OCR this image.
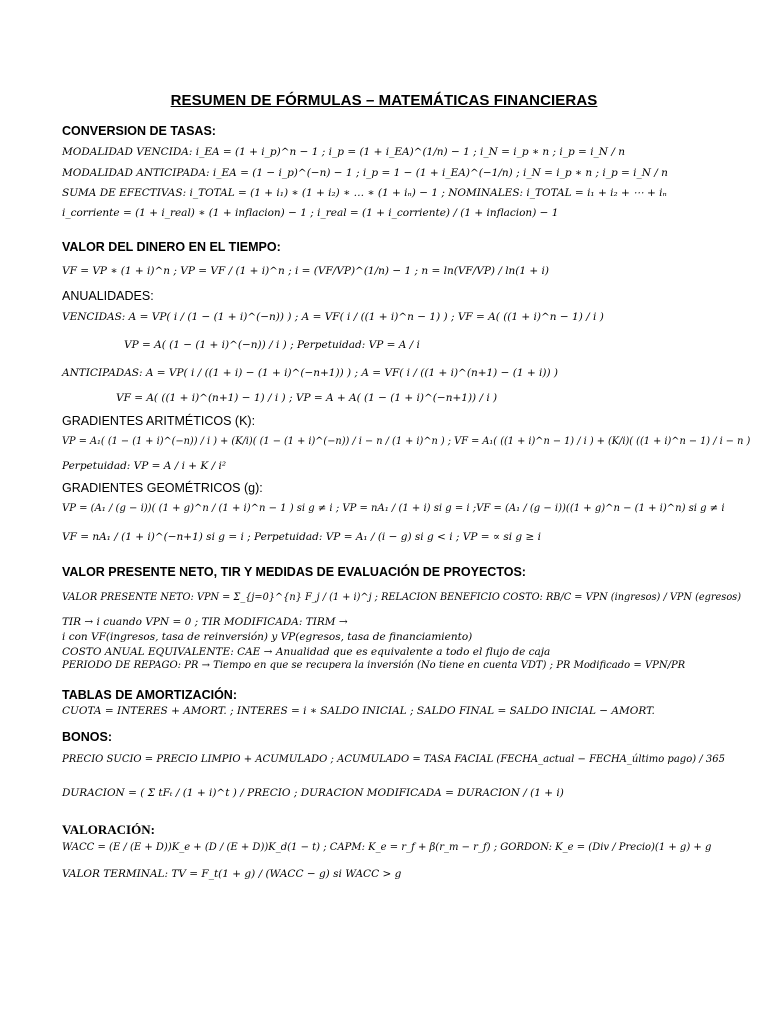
RESUMEN DE FÓRMULAS – MATEMÁTICAS FINANCIERAS
CONVERSION DE TASAS:
MODALIDAD VENCIDA: i_EA = (1 + i_p)^n − 1 ; i_p = (1 + i_EA)^(1/n) − 1 ; i_N = i_p ∗ n ; i_p = i_N / n
MODALIDAD ANTICIPADA: i_EA = (1 − i_p)^(−n) − 1 ; i_p = 1 − (1 + i_EA)^(−1/n) ; i_N = i_p ∗ n ; i_p = i_N / n
SUMA DE EFECTIVAS: i_TOTAL = (1 + i₁) ∗ (1 + i₂) ∗ … ∗ (1 + iₙ) − 1 ; NOMINALES: i_TOTAL = i₁ + i₂ + ⋯ + iₙ
i_corriente = (1 + i_real) ∗ (1 + inflacion) − 1 ; i_real = (1 + i_corriente) / (1 + inflacion) − 1
VALOR DEL DINERO EN EL TIEMPO:
VF = VP ∗ (1 + i)^n ; VP = VF / (1 + i)^n ; i = (VF/VP)^(1/n) − 1 ; n = ln(VF/VP) / ln(1 + i)
ANUALIDADES:
VENCIDAS: A = VP( i / (1 − (1 + i)^(−n)) ) ; A = VF( i / ((1 + i)^n − 1) ) ; VF = A( ((1 + i)^n − 1) / i )
VP = A( (1 − (1 + i)^(−n)) / i ) ; Perpetuidad: VP = A / i
ANTICIPADAS: A = VP( i / ((1 + i) − (1 + i)^(−n+1)) ) ; A = VF( i / ((1 + i)^(n+1) − (1 + i)) )
VF = A( ((1 + i)^(n+1) − 1) / i ) ; VP = A + A( (1 − (1 + i)^(−n+1)) / i )
GRADIENTES ARITMÉTICOS (K):
VP = A₁( (1 − (1 + i)^(−n)) / i ) + (K/i)( (1 − (1 + i)^(−n)) / i − n / (1 + i)^n ) ; VF = A₁( ((1 + i)^n − 1) / i ) + (K/i)( ((1 + i)^n − 1) / i − n )
Perpetuidad: VP = A / i + K / i²
GRADIENTES GEOMÉTRICOS (g):
VP = (A₁ / (g − i))( (1 + g)^n / (1 + i)^n − 1 ) si g ≠ i ; VP = nA₁ / (1 + i) si g = i ;VF = (A₁ / (g − i))((1 + g)^n − (1 + i)^n) si g ≠ i
VF = nA₁ / (1 + i)^(−n+1) si g = i ; Perpetuidad: VP = A₁ / (i − g) si g < i ; VP = ∝ si g ≥ i
VALOR PRESENTE NETO, TIR Y MEDIDAS DE EVALUACIÓN DE PROYECTOS:
VALOR PRESENTE NETO: VPN = Σ_{j=0}^{n} F_j / (1 + i)^j ; RELACION BENEFICIO COSTO: RB/C = VPN (ingresos) / VPN (egresos)
TIR → i cuando VPN = 0 ; TIR MODIFICADA: TIRM →
i con VF(ingresos, tasa de reinversión) y VP(egresos, tasa de financiamiento)
COSTO ANUAL EQUIVALENTE: CAE → Anualidad que es equivalente a todo el flujo de caja
PERIODO DE REPAGO: PR → Tiempo en que se recupera la inversión (No tiene en cuenta VDT) ; PR Modificado = VPN/PR
TABLAS DE AMORTIZACIÓN:
CUOTA = INTERES + AMORT. ; INTERES = i ∗ SALDO INICIAL ; SALDO FINAL = SALDO INICIAL − AMORT.
BONOS:
PRECIO SUCIO = PRECIO LIMPIO + ACUMULADO ; ACUMULADO = TASA FACIAL (FECHA_actual − FECHA_último pago) / 365
DURACION = ( Σ tFₜ / (1 + i)^t ) / PRECIO ; DURACION MODIFICADA = DURACION / (1 + i)
VALORACIÓN:
WACC = (E / (E + D))K_e + (D / (E + D))K_d(1 − t) ; CAPM: K_e = r_f + β(r_m − r_f) ; GORDON: K_e = (Div / Precio)(1 + g) + g
VALOR TERMINAL: TV = F_t(1 + g) / (WACC − g) si WACC > g
